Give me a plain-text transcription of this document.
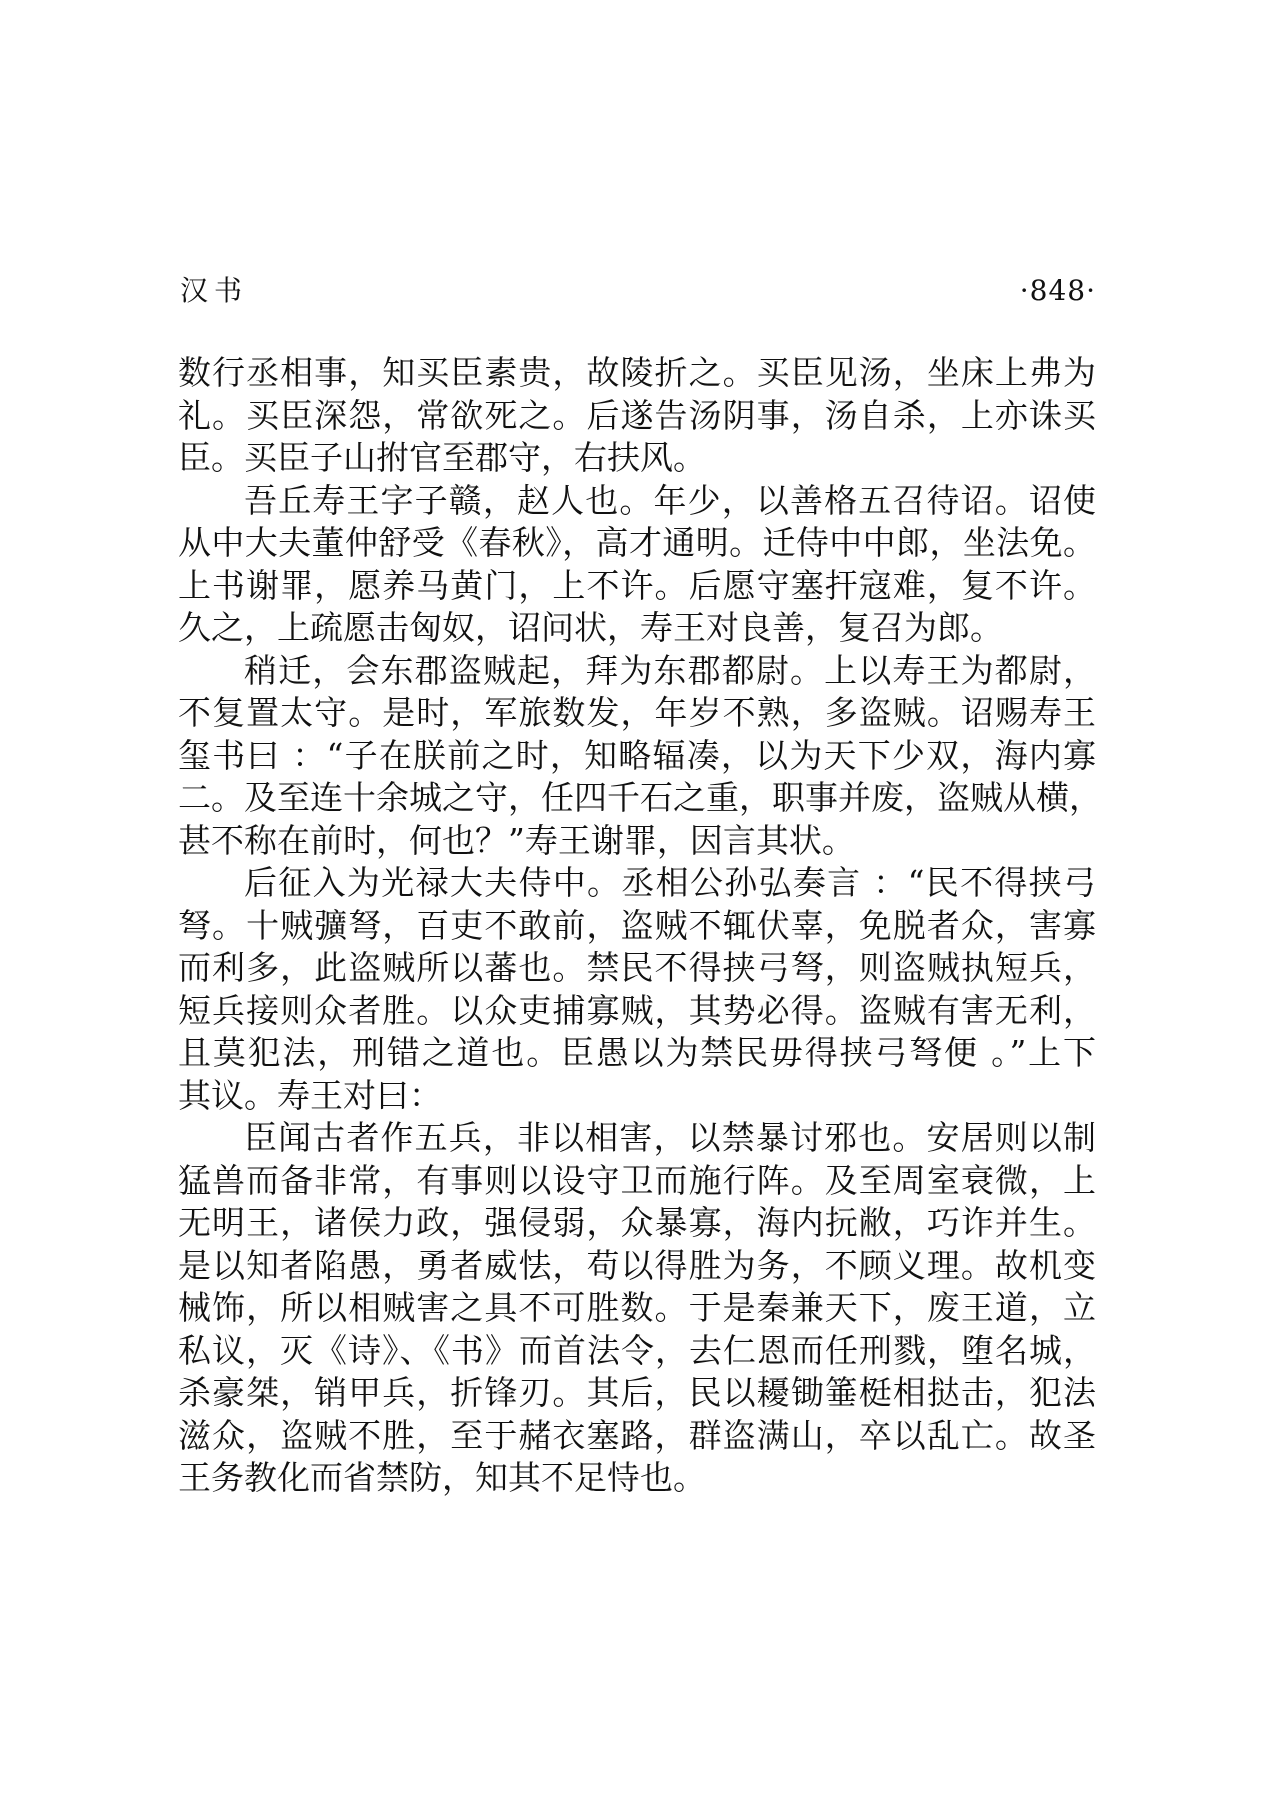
汉书	·848·
数行丞相事，知买臣素贵，故陵折之。买臣见汤，坐床上弗为
礼。买臣深怨，常欲死之。后遂告汤阴事，汤自杀，上亦诛买
臣。买臣子山拊官至郡守，右扶风。
吾丘寿王字子赣，赵人也。年少，以善格五召待诏。诏使
从中大夫董仲舒受《春秋》，高才通明。迁侍中中郎，坐法免。
上书谢罪，愿养马黄门，上不许。后愿守塞扞寇难，复不许。
久之，上疏愿击匈奴，诏问状，寿王对良善，复召为郎。
稍迁，会东郡盗贼起，拜为东郡都尉。上以寿王为都尉，
不复置太守。是时，军旅数发，年岁不熟，多盗贼。诏赐寿王
玺书曰 ：“子在朕前之时，知略辐凑，以为天下少双，海内寡
二。及至连十余城之守，任四千石之重，职事并废，盗贼从横，
甚不称在前时，何也？”寿王谢罪，因言其状。
后征入为光禄大夫侍中。丞相公孙弘奏言 ：“民不得挟弓
弩。十贼彍弩，百吏不敢前，盗贼不辄伏辜，免脱者众，害寡
而利多，此盗贼所以蕃也。禁民不得挟弓弩，则盗贼执短兵，
短兵接则众者胜。以众吏捕寡贼，其势必得。盗贼有害无利，
且莫犯法，刑错之道也。臣愚以为禁民毋得挟弓弩便 。”上下
其议。寿王对曰：
臣闻古者作五兵，非以相害，以禁暴讨邪也。安居则以制
猛兽而备非常，有事则以设守卫而施行阵。及至周室衰微，上
无明王，诸侯力政，强侵弱，众暴寡，海内抏敝，巧诈并生。
是以知者陷愚，勇者威怯，苟以得胜为务，不顾义理。故机变
械饰，所以相贼害之具不可胜数。于是秦兼天下，废王道，立
私议，灭《诗》、《书》而首法令，去仁恩而任刑戮，堕名城，
杀豪桀，销甲兵，折锋刃。其后，民以耰锄箠梃相挞击，犯法
滋众，盗贼不胜，至于赭衣塞路，群盗满山，卒以乱亡。故圣
王务教化而省禁防，知其不足恃也。
